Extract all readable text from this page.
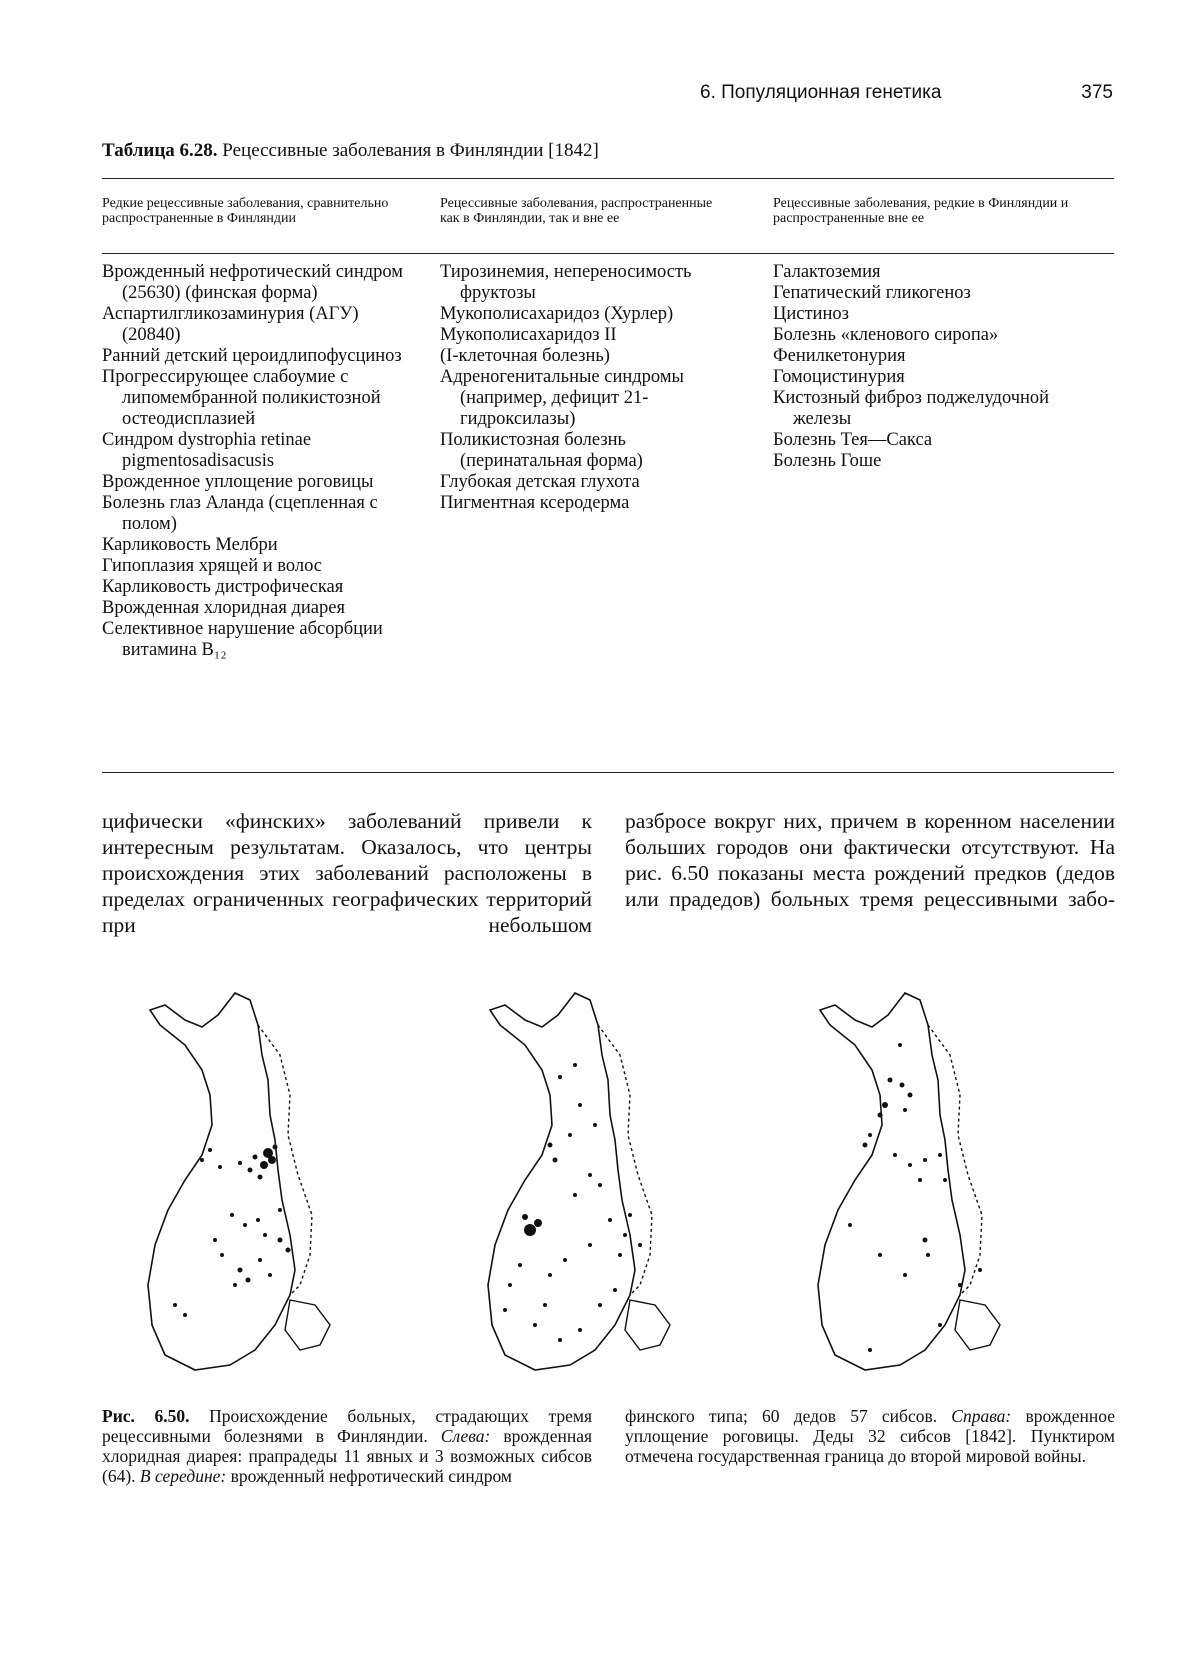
6. Популяционная генетика	375
Таблица 6.28. Рецессивные заболевания в Финляндии [1842]
Редкие рецессивные заболевания, сравнительно распространенные в Финляндии
Рецессивные заболевания, распространенные как в Финляндии, так и вне ее
Рецессивные заболевания, редкие в Финляндии и распространенные вне ее
Врожденный нефротический синдром (25630) (финская форма)
Аспартилгликозаминурия (АГУ) (20840)
Ранний детский цероидлипофусциноз
Прогрессирующее слабоумие с липомембранной поликистозной остеодисплазией
Синдром dystrophia retinae pigmentosadisacusis
Врожденное уплощение роговицы
Болезнь глаз Аланда (сцепленная с полом)
Карликовость Мелбри
Гипоплазия хрящей и волос
Карликовость дистрофическая
Врожденная хлоридная диарея
Селективное нарушение абсорбции витамина B₁₂
Тирозинемия, непереносимость фруктозы
Мукополисахаридоз (Хурлер)
Мукополисахаридоз II
(I-клеточная болезнь)
Адреногенитальные синдромы (например, дефицит 21-гидроксилазы)
Поликистозная болезнь (перинатальная форма)
Глубокая детская глухота
Пигментная ксеродерма
Галактоземия
Гепатический гликогеноз
Цистиноз
Болезнь «кленового сиропа»
Фенилкетонурия
Гомоцистинурия
Кистозный фиброз поджелудочной железы
Болезнь Тея—Сакса
Болезнь Гоше
цифически «финских» заболеваний привели к интересным результатам. Оказалось, что центры происхождения этих заболеваний расположены в пределах ограниченных географических территорий при небольшом
разбросе вокруг них, причем в коренном населении больших городов они фактически отсутствуют. На рис. 6.50 показаны места рождений предков (дедов или прадедов) больных тремя рецессивными забо-
Рис. 6.50. Происхождение больных, страдающих тремя рецессивными болезнями в Финляндии. Слева: врожденная хлоридная диарея: прапрадеды 11 явных и 3 возможных сибсов (64). В середине: врожденный нефротический синдром
финского типа; 60 дедов 57 сибсов. Справа: врожденное уплощение роговицы. Деды 32 сибсов [1842]. Пунктиром отмечена государственная граница до второй мировой войны.
